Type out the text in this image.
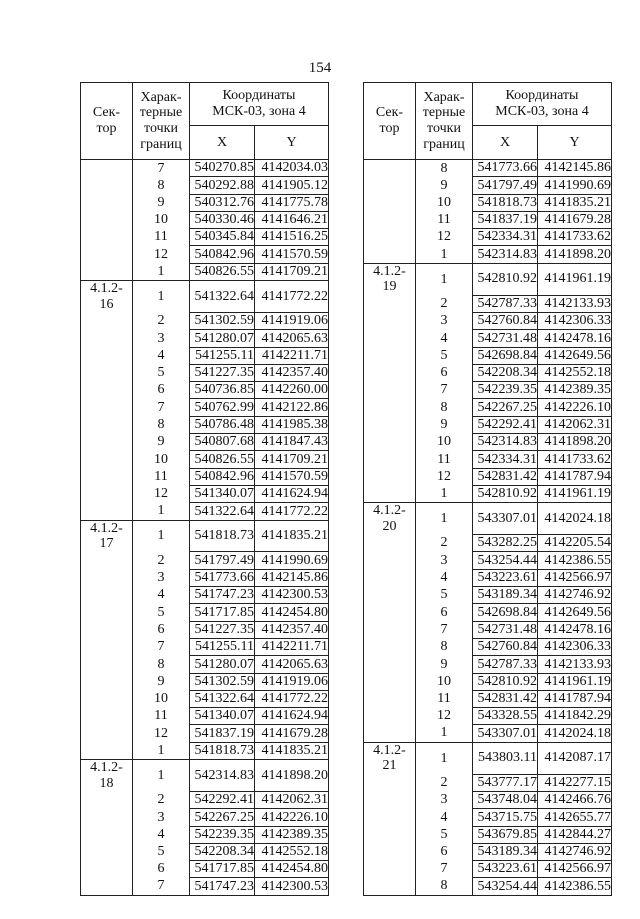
154
Сек-
тор	Харак-
терные
точки
границ	Координаты
МСК-03, зона 4	
		X	Y
	7	540270.85	4142034.03
	8	540292.88	4141905.12
	9	540312.76	4141775.78
	10	540330.46	4141646.21
	11	540345.84	4141516.25
	12	540842.96	4141570.59
	1	540826.55	4141709.21
4.1.2-
16	1	541322.64	4141772.22
	2	541302.59	4141919.06
	3	541280.07	4142065.63
	4	541255.11	4142211.71
	5	541227.35	4142357.40
	6	540736.85	4142260.00
	7	540762.99	4142122.86
	8	540786.48	4141985.38
	9	540807.68	4141847.43
	10	540826.55	4141709.21
	11	540842.96	4141570.59
	12	541340.07	4141624.94
	1	541322.64	4141772.22
4.1.2-
17	1	541818.73	4141835.21
	2	541797.49	4141990.69
	3	541773.66	4142145.86
	4	541747.23	4142300.53
	5	541717.85	4142454.80
	6	541227.35	4142357.40
	7	541255.11	4142211.71
	8	541280.07	4142065.63
	9	541302.59	4141919.06
	10	541322.64	4141772.22
	11	541340.07	4141624.94
	12	541837.19	4141679.28
	1	541818.73	4141835.21
4.1.2-
18	1	542314.83	4141898.20
	2	542292.41	4142062.31
	3	542267.25	4142226.10
	4	542239.35	4142389.35
	5	542208.34	4142552.18
	6	541717.85	4142454.80
	7	541747.23	4142300.53
Сек-
тор	Харак-
терные
точки
границ	Координаты
МСК-03, зона 4	
		X	Y
	8	541773.66	4142145.86
	9	541797.49	4141990.69
	10	541818.73	4141835.21
	11	541837.19	4141679.28
	12	542334.31	4141733.62
	1	542314.83	4141898.20
4.1.2-
19	1	542810.92	4141961.19
	2	542787.33	4142133.93
	3	542760.84	4142306.33
	4	542731.48	4142478.16
	5	542698.84	4142649.56
	6	542208.34	4142552.18
	7	542239.35	4142389.35
	8	542267.25	4142226.10
	9	542292.41	4142062.31
	10	542314.83	4141898.20
	11	542334.31	4141733.62
	12	542831.42	4141787.94
	1	542810.92	4141961.19
4.1.2-
20	1	543307.01	4142024.18
	2	543282.25	4142205.54
	3	543254.44	4142386.55
	4	543223.61	4142566.97
	5	543189.34	4142746.92
	6	542698.84	4142649.56
	7	542731.48	4142478.16
	8	542760.84	4142306.33
	9	542787.33	4142133.93
	10	542810.92	4141961.19
	11	542831.42	4141787.94
	12	543328.55	4141842.29
	1	543307.01	4142024.18
4.1.2-
21	1	543803.11	4142087.17
	2	543777.17	4142277.15
	3	543748.04	4142466.76
	4	543715.75	4142655.77
	5	543679.85	4142844.27
	6	543189.34	4142746.92
	7	543223.61	4142566.97
	8	543254.44	4142386.55
